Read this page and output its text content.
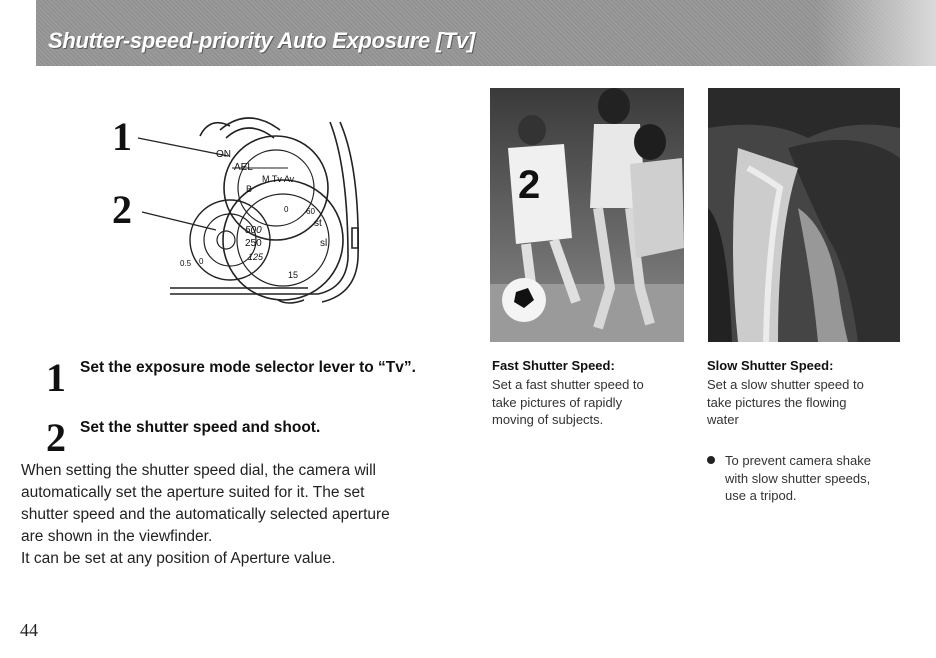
Shutter-speed-priority Auto Exposure [Tv]
1
2
ON
AEL
B
M Tv Av
500
250
125
0.5 0
st
sl
15
60
0
1 Set the exposure mode selector lever to “Tv”.
2 Set the shutter speed and shoot.

When setting the shutter speed dial, the camera will

automatically set the aperture suited for it. The set

shutter speed and the automatically selected aperture

are shown in the viewfinder.

It can be set at any position of Aperture value.

2
Fast Shutter Speed:
Set a fast shutter speed to
take pictures of rapidly
moving of subjects.
Slow Shutter Speed:
Set a slow shutter speed to
take pictures the flowing
water
To prevent camera shake
with slow shutter speeds,
use a tripod.
44
